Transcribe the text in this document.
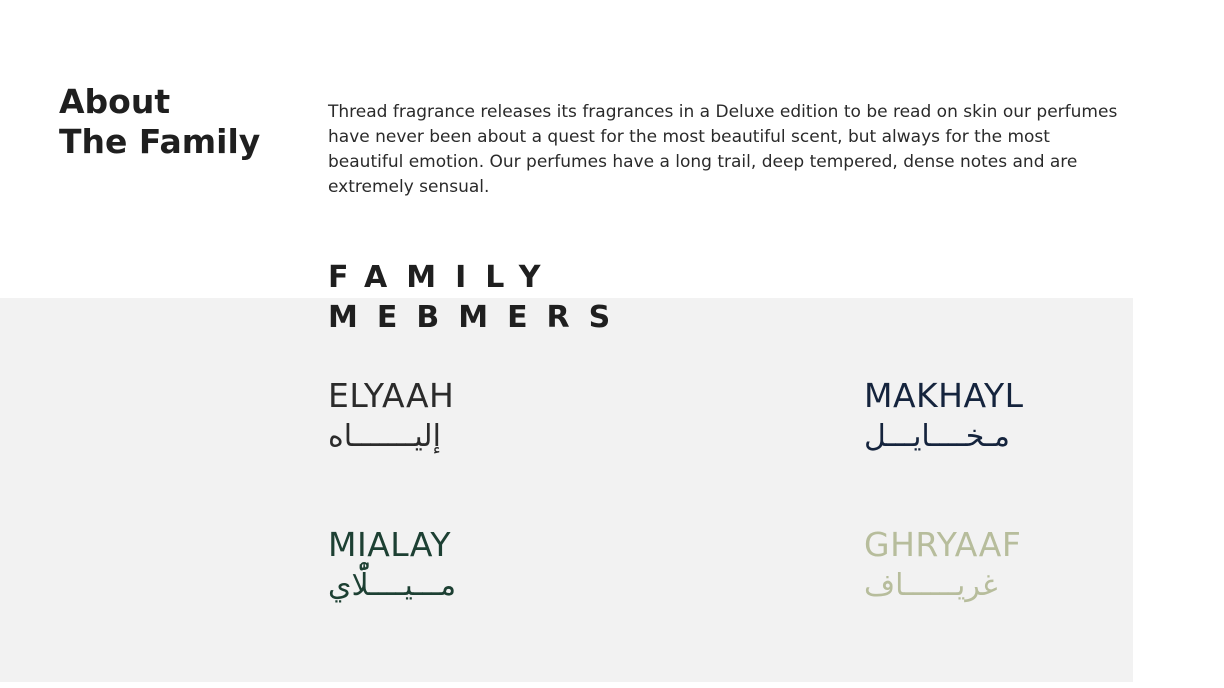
About
The Family

Thread fragrance releases its fragrances in a Deluxe edition to be read on skin our perfumes have never been about a quest for the most beautiful scent, but always for the most beautiful emotion. Our perfumes have a long trail, deep tempered, dense notes and are extremely sensual.

FAMILY
MEBMERS
ELYAAH
إليـــــــاه
MAKHAYL
مـخــــايـــل
MIALAY
مـــيــــلّْاي
GHRYAAF
غريــــــاف
